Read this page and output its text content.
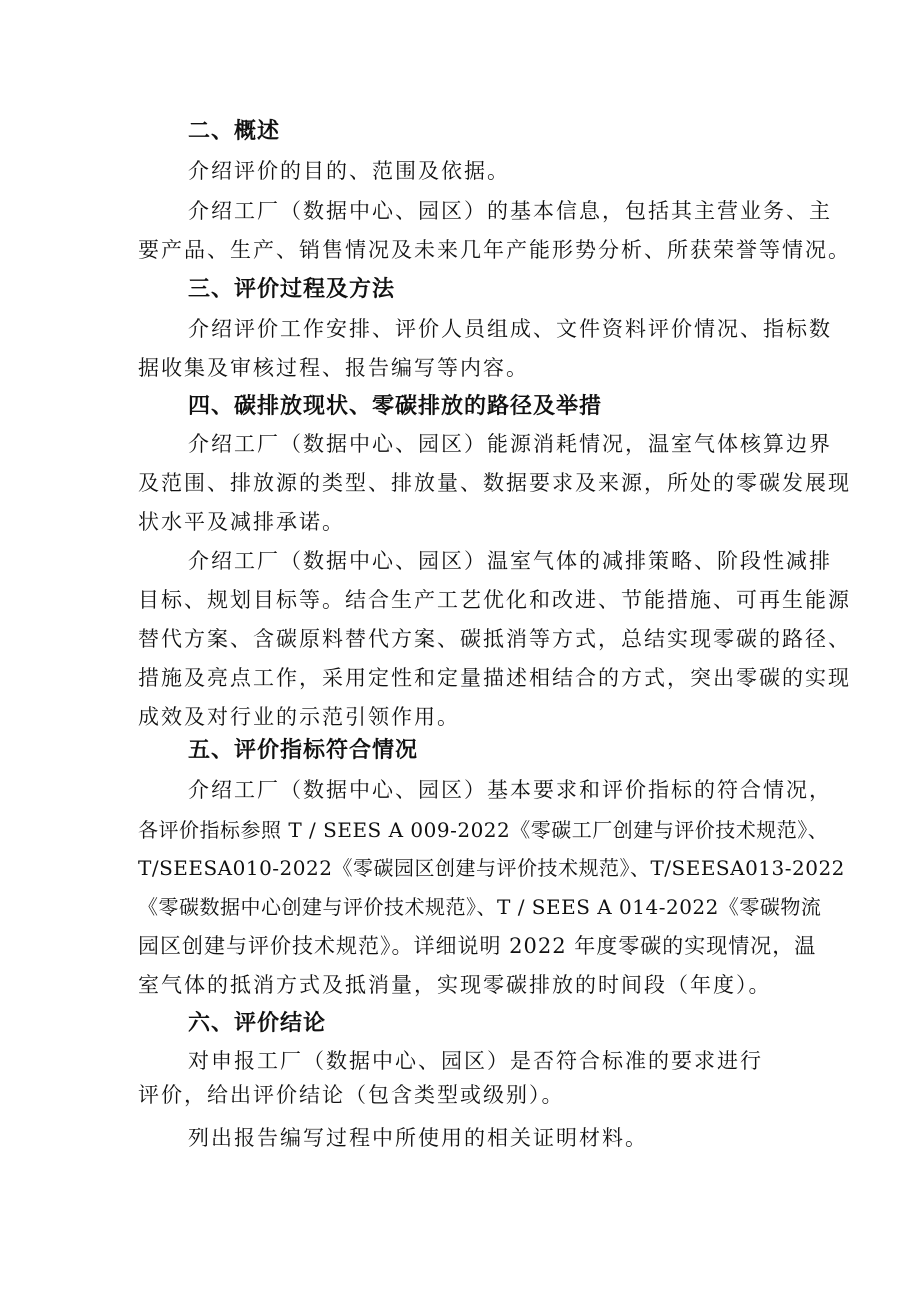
二、概述
介绍评价的目的、范围及依据。
介绍工厂（数据中心、园区）的基本信息，包括其主营业务、主
要产品、生产、销售情况及未来几年产能形势分析、所获荣誉等情况。
三、评价过程及方法
介绍评价工作安排、评价人员组成、文件资料评价情况、指标数
据收集及审核过程、报告编写等内容。
四、碳排放现状、零碳排放的路径及举措
介绍工厂（数据中心、园区）能源消耗情况，温室气体核算边界
及范围、排放源的类型、排放量、数据要求及来源，所处的零碳发展现
状水平及减排承诺。
介绍工厂（数据中心、园区）温室气体的减排策略、阶段性减排
目标、规划目标等。结合生产工艺优化和改进、节能措施、可再生能源
替代方案、含碳原料替代方案、碳抵消等方式，总结实现零碳的路径、
措施及亮点工作，采用定性和定量描述相结合的方式，突出零碳的实现
成效及对行业的示范引领作用。
五、评价指标符合情况
介绍工厂（数据中心、园区）基本要求和评价指标的符合情况，
各评价指标参照 T / SEES A 009-2022《零碳工厂创建与评价技术规范》、
T/SEESA010-2022《零碳园区创建与评价技术规范》、T/SEESA013-2022
《零碳数据中心创建与评价技术规范》、T / SEES A 014-2022《零碳物流
园区创建与评价技术规范》。详细说明 2022 年度零碳的实现情况，温
室气体的抵消方式及抵消量，实现零碳排放的时间段（年度）。
六、评价结论
对申报工厂（数据中心、园区）是否符合标准的要求进行
评价，给出评价结论（包含类型或级别）。
列出报告编写过程中所使用的相关证明材料。
